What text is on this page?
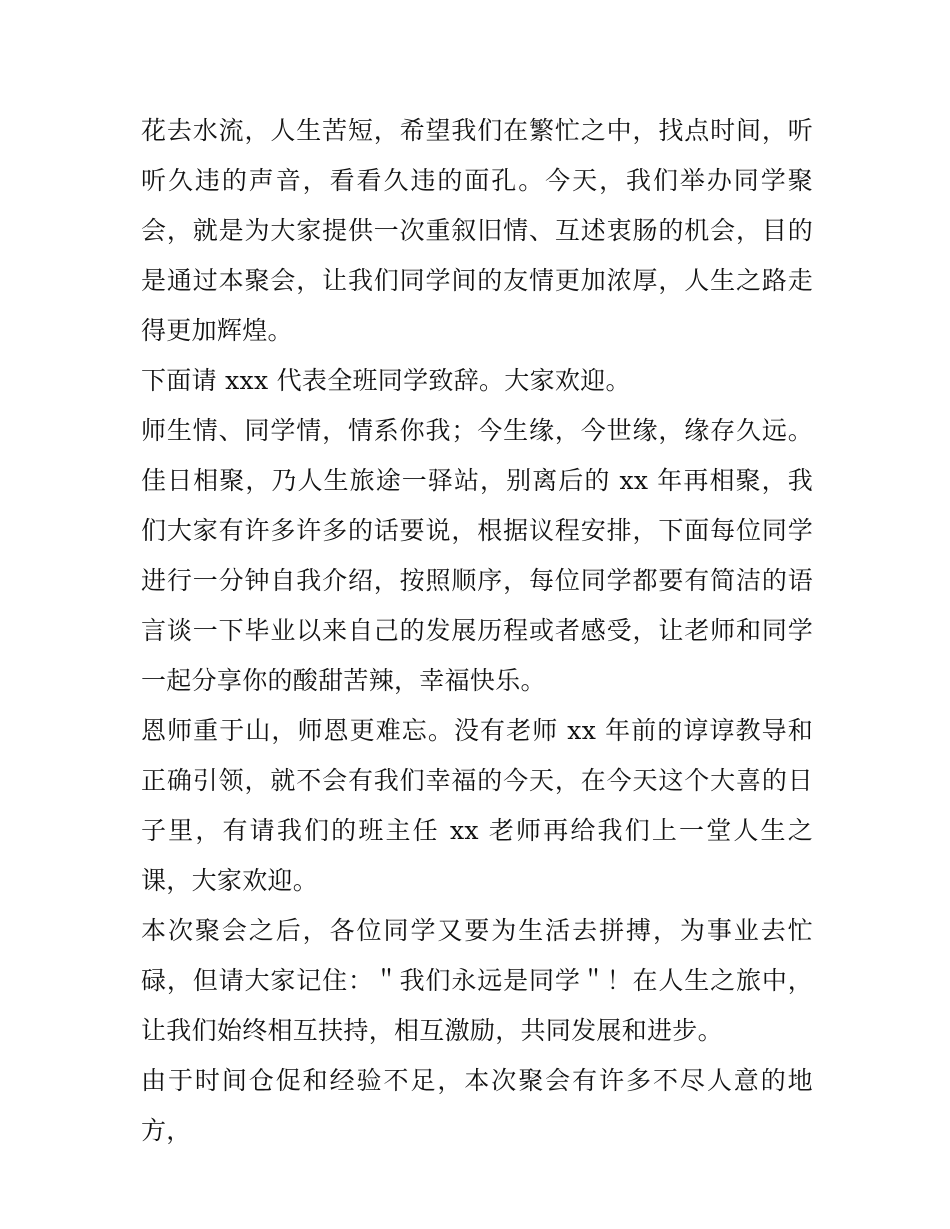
花去水流，人生苦短，希望我们在繁忙之中，找点时间，听听久违的声音，看看久违的面孔。今天，我们举办同学聚会，就是为大家提供一次重叙旧情、互述衷肠的机会，目的是通过本聚会，让我们同学间的友情更加浓厚，人生之路走得更加辉煌。

下面请 xxx 代表全班同学致辞。大家欢迎。

师生情、同学情，情系你我；今生缘，今世缘，缘存久远。佳日相聚，乃人生旅途一驿站，别离后的 xx 年再相聚，我们大家有许多许多的话要说，根据议程安排，下面每位同学进行一分钟自我介绍，按照顺序，每位同学都要有简洁的语言谈一下毕业以来自己的发展历程或者感受，让老师和同学一起分享你的酸甜苦辣，幸福快乐。

恩师重于山，师恩更难忘。没有老师 xx 年前的谆谆教导和正确引领，就不会有我们幸福的今天，在今天这个大喜的日子里，有请我们的班主任 xx 老师再给我们上一堂人生之课，大家欢迎。

本次聚会之后，各位同学又要为生活去拼搏，为事业去忙碌，但请大家记住：＂我们永远是同学＂！在人生之旅中，让我们始终相互扶持，相互激励，共同发展和进步。

由于时间仓促和经验不足，本次聚会有许多不尽人意的地方，
